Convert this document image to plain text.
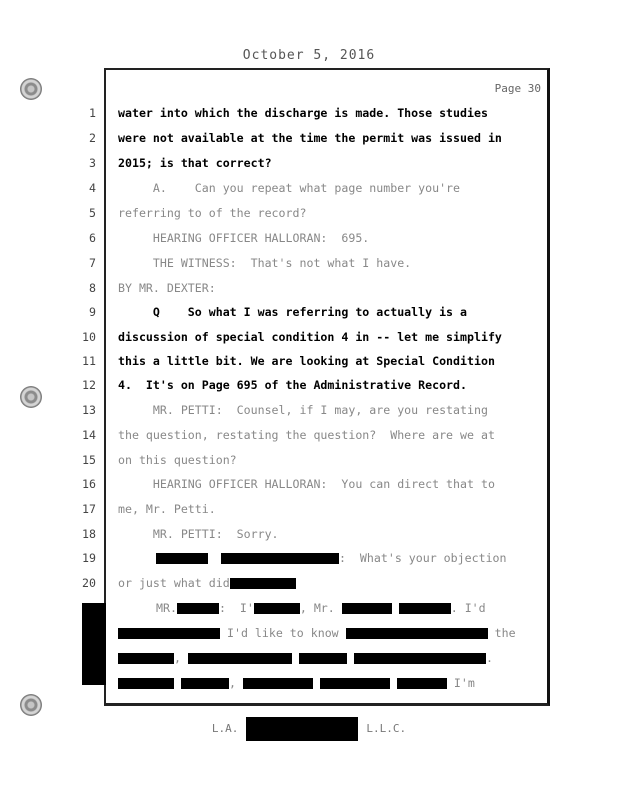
October 5, 2016
Page 30
1 water into which the discharge is made. Those studies
2 were not available at the time the permit was issued in
3 2015; is that correct?
4 A.    Can you repeat what page number you're
5 referring to of the record?
6 HEARING OFFICER HALLORAN:  695.
7 THE WITNESS:  That's not what I have.
8 BY MR. DEXTER:
9 Q    So what I was referring to actually is a
10 discussion of special condition 4 in -- let me simplify
11 this a little bit. We are looking at Special Condition
12 4.  It's on Page 695 of the Administrative Record.
13 MR. PETTI:  Counsel, if I may, are you restating
14 the question, restating the question?  Where are we at
15 on this question?
16 HEARING OFFICER HALLORAN:  You can direct that to
17 me, Mr. Petti.
18 MR. PETTI:  Sorry.
19	:  What's your objection
20 or just what did
MR.	:  I'	, Mr.	. I'd
I'd like to know	the
,	.
,	I'm
L.A.	L.L.C.
